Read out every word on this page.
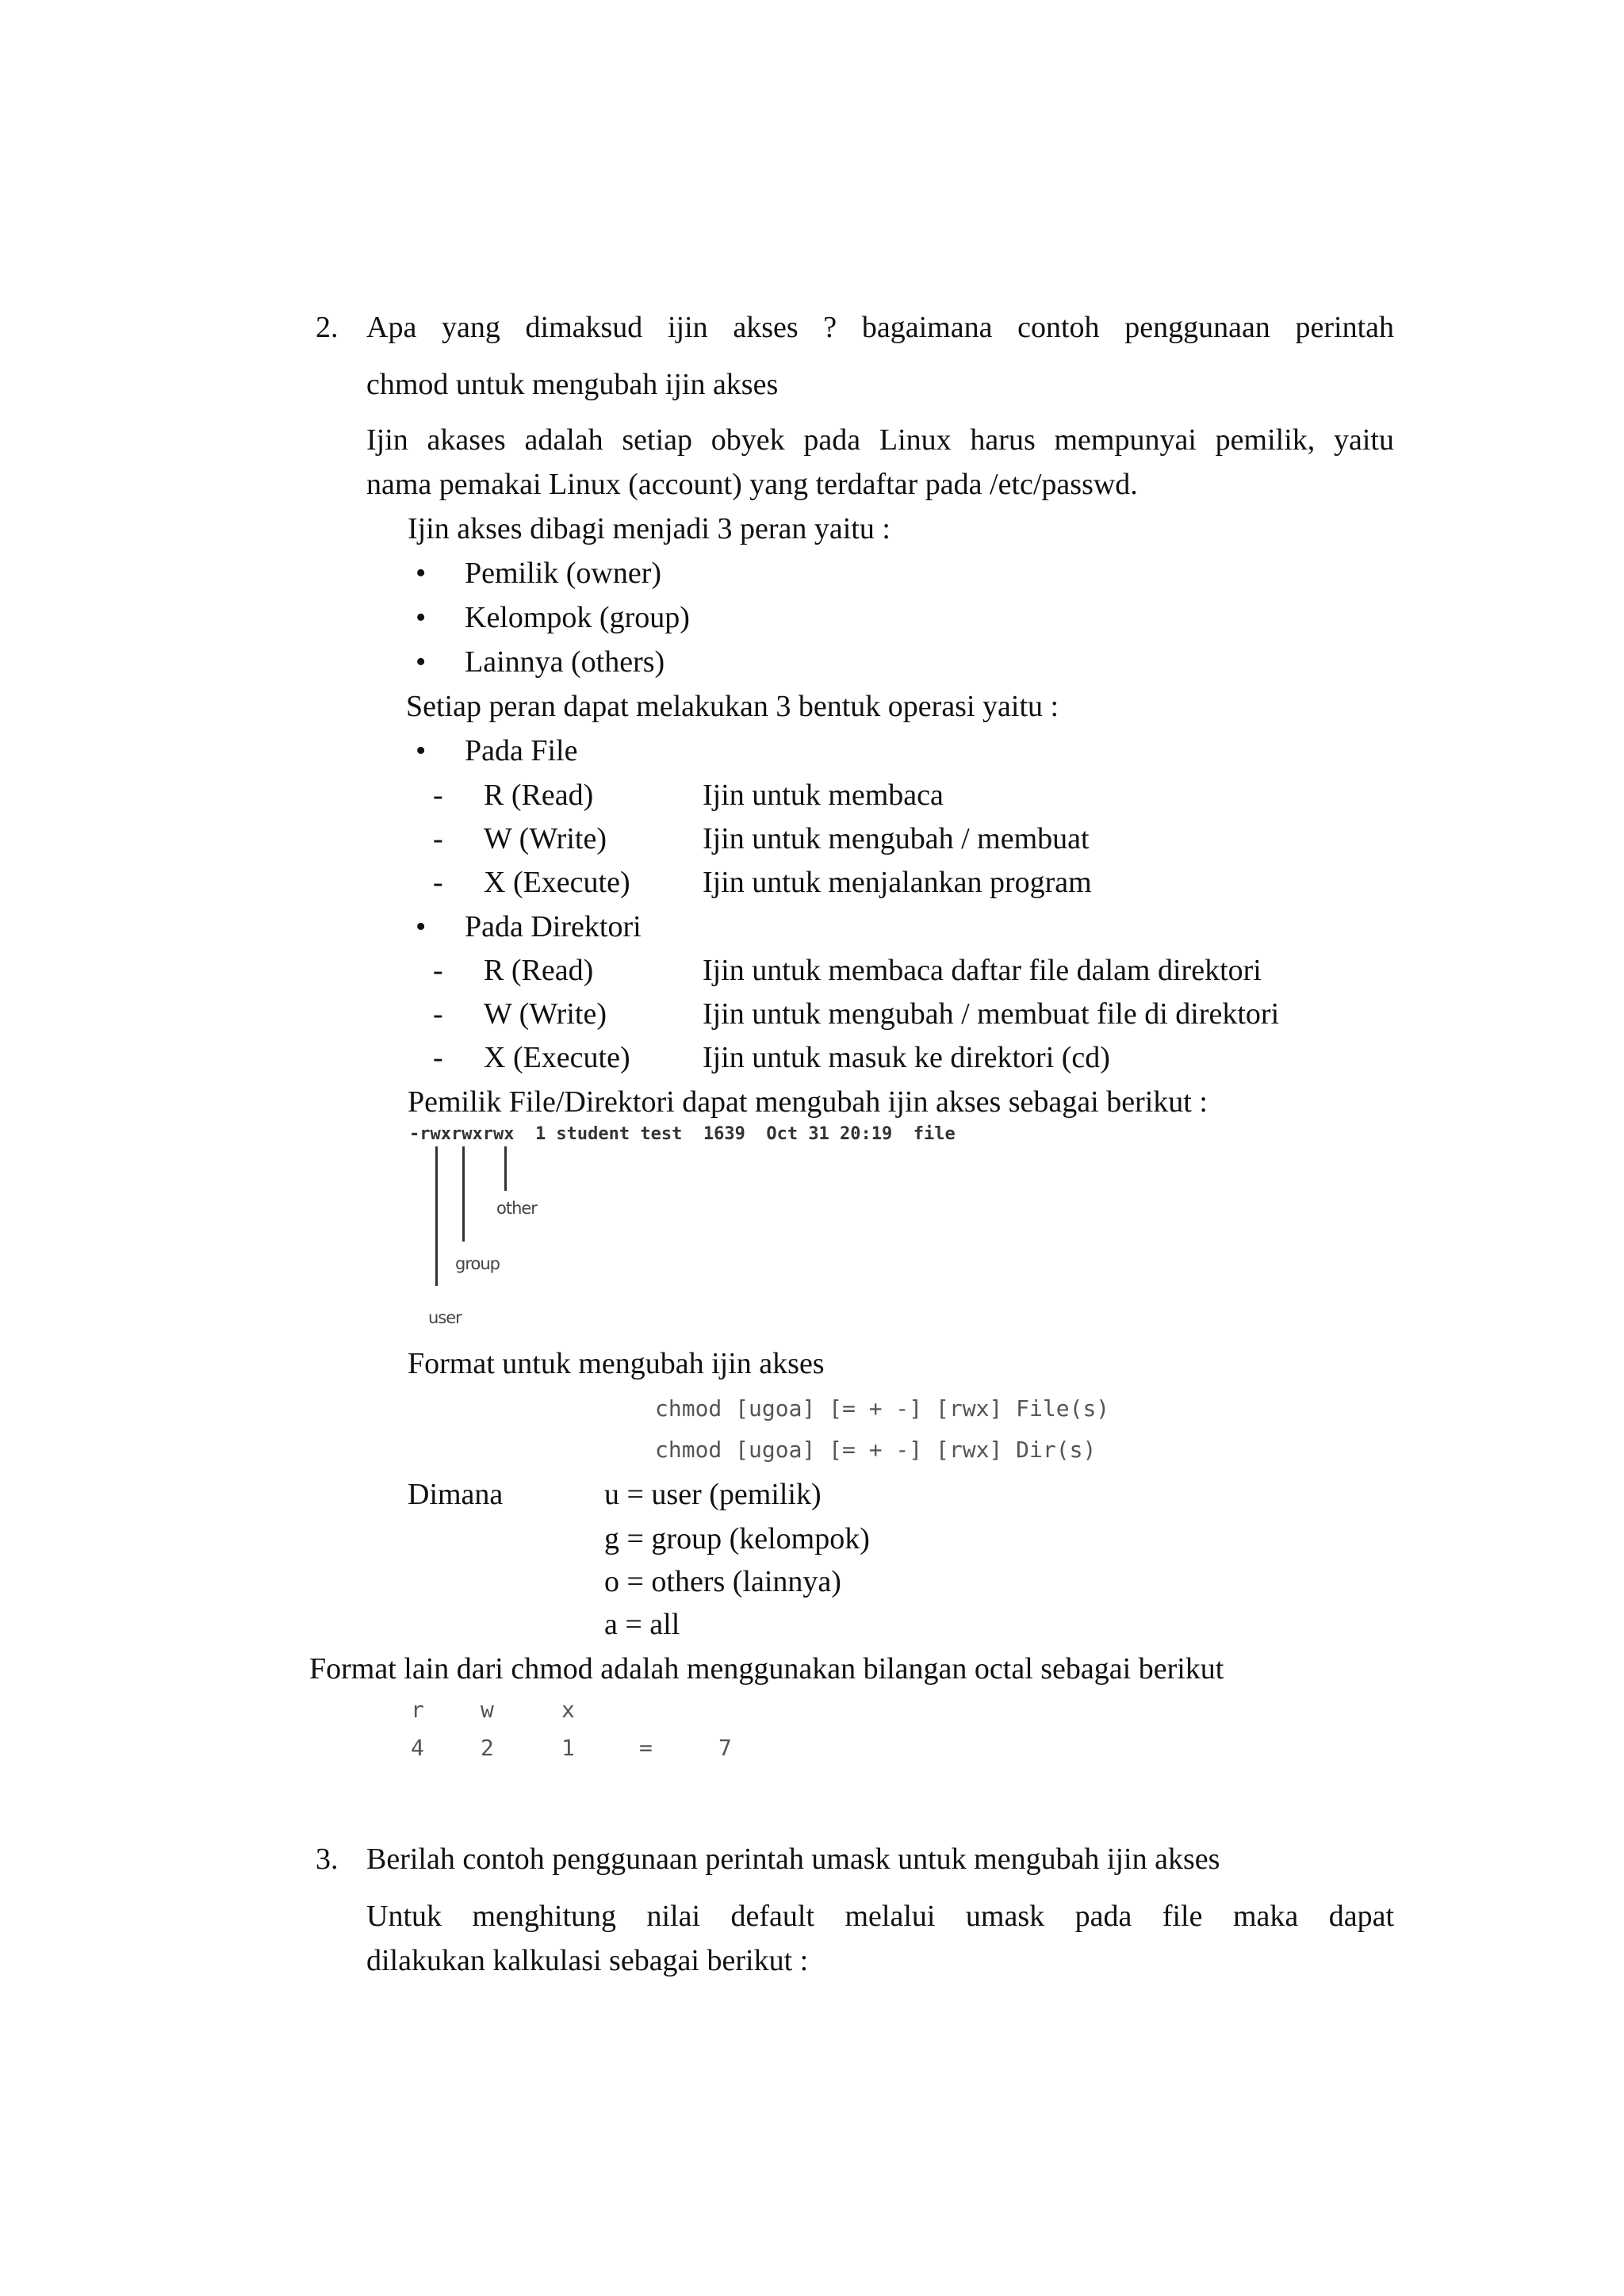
2. Apa yang dimaksud ijin akses ? bagaimana contoh penggunaan perintah
chmod untuk mengubah ijin akses
Ijin akases adalah setiap obyek pada Linux harus mempunyai pemilik, yaitu
nama pemakai Linux (account) yang terdaftar pada /etc/passwd.
Ijin akses dibagi menjadi 3 peran yaitu :
• Pemilik (owner)
• Kelompok (group)
• Lainnya (others)
Setiap peran dapat melakukan 3 bentuk operasi yaitu :
• Pada File
- R (Read)	Ijin untuk membaca
- W (Write)	Ijin untuk mengubah / membuat
- X (Execute) Ijin untuk menjalankan program
• Pada Direktori
- R (Read)	Ijin untuk membaca daftar file dalam direktori
- W (Write)	Ijin untuk mengubah / membuat file di direktori
- X (Execute) Ijin untuk masuk ke direktori (cd)
Pemilik File/Direktori dapat mengubah ijin akses sebagai berikut :
-rwxrwxrwx  1 student test  1639  Oct 31 20:19  file
other
group
user
Format untuk mengubah ijin akses
chmod [ugoa] [= + -] [rwx] File(s)
chmod [ugoa] [= + -] [rwx] Dir(s)
Dimana	u = user (pemilik)
g = group (kelompok)
o = others (lainnya)
a = all
Format lain dari chmod adalah menggunakan bilangan octal sebagai berikut
r	w	x
4	2	1	=	7
3. Berilah contoh penggunaan perintah umask untuk mengubah ijin akses
Untuk menghitung nilai default melalui umask pada file maka dapat
dilakukan kalkulasi sebagai berikut :
